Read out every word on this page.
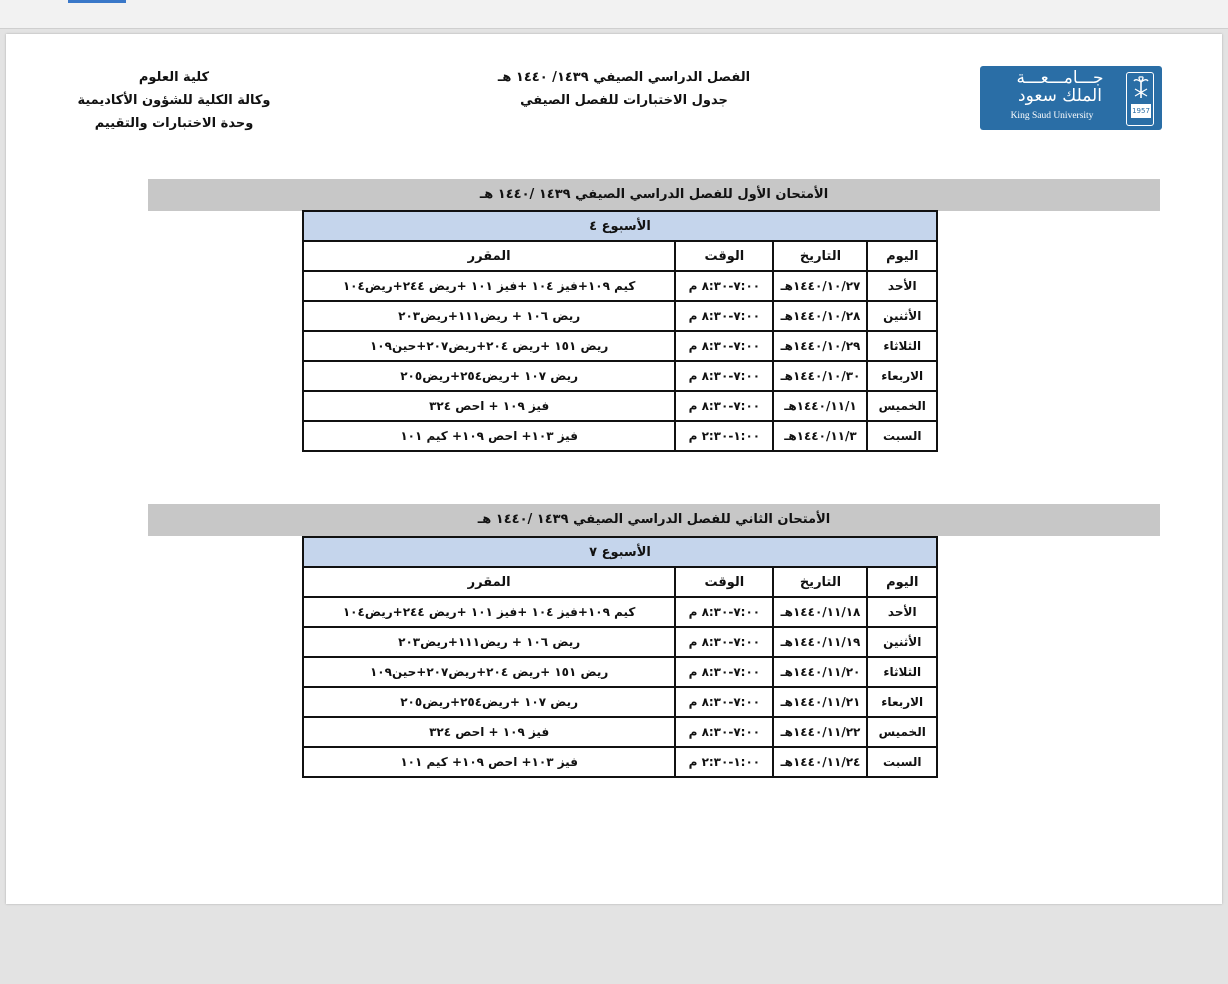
كلية العلوم
وكالة الكلية للشؤون الأكاديمية
وحدة الاختبارات والتقييم
الفصل الدراسي الصيفي ١٤٣٩/ ١٤٤٠ هـ
جدول الاختبارات للفصل الصيفي
جـــامـــعـــة
الملك سعود
King Saud University	1957
الأمتحان الأول للفصل الدراسي الصيفي ١٤٣٩ /١٤٤٠ هـ
الأسبوع ٤			
اليوم	التاريخ	الوقت	المقرر
الأحد	١٤٤٠/١٠/٢٧هـ	٧:٠٠-٨:٣٠ م	كيم ١٠٩+فيز ١٠٤ +فيز ١٠١ +ريض ٢٤٤+ريض١٠٤
الأثنين	١٤٤٠/١٠/٢٨هـ	٧:٠٠-٨:٣٠ م	ريض ١٠٦ + ريض١١١+ريض٢٠٣
الثلاثاء	١٤٤٠/١٠/٢٩هـ	٧:٠٠-٨:٣٠ م	ريض ١٥١ +ريض ٢٠٤+ريض٢٠٧+حين١٠٩
الاربعاء	١٤٤٠/١٠/٣٠هـ	٧:٠٠-٨:٣٠ م	ريض ١٠٧ +ريض٢٥٤+ريض٢٠٥
الخميس	١٤٤٠/١١/١هـ	٧:٠٠-٨:٣٠ م	فيز ١٠٩ + احص ٣٢٤
السبت	١٤٤٠/١١/٣هـ	١:٠٠-٢:٣٠ م	فيز ١٠٣+ احص ١٠٩+ كيم ١٠١
الأمتحان الثاني للفصل الدراسي الصيفي ١٤٣٩ /١٤٤٠ هـ
الأسبوع ٧			
اليوم	التاريخ	الوقت	المقرر
الأحد	١٤٤٠/١١/١٨هـ	٧:٠٠-٨:٣٠ م	كيم ١٠٩+فيز ١٠٤ +فيز ١٠١ +ريض ٢٤٤+ريض١٠٤
الأثنين	١٤٤٠/١١/١٩هـ	٧:٠٠-٨:٣٠ م	ريض ١٠٦ + ريض١١١+ريض٢٠٣
الثلاثاء	١٤٤٠/١١/٢٠هـ	٧:٠٠-٨:٣٠ م	ريض ١٥١ +ريض ٢٠٤+ريض٢٠٧+حين١٠٩
الاربعاء	١٤٤٠/١١/٢١هـ	٧:٠٠-٨:٣٠ م	ريض ١٠٧ +ريض٢٥٤+ريض٢٠٥
الخميس	١٤٤٠/١١/٢٢هـ	٧:٠٠-٨:٣٠ م	فيز ١٠٩ + احص ٣٢٤
السبت	١٤٤٠/١١/٢٤هـ	١:٠٠-٢:٣٠ م	فيز ١٠٣+ احص ١٠٩+ كيم ١٠١
